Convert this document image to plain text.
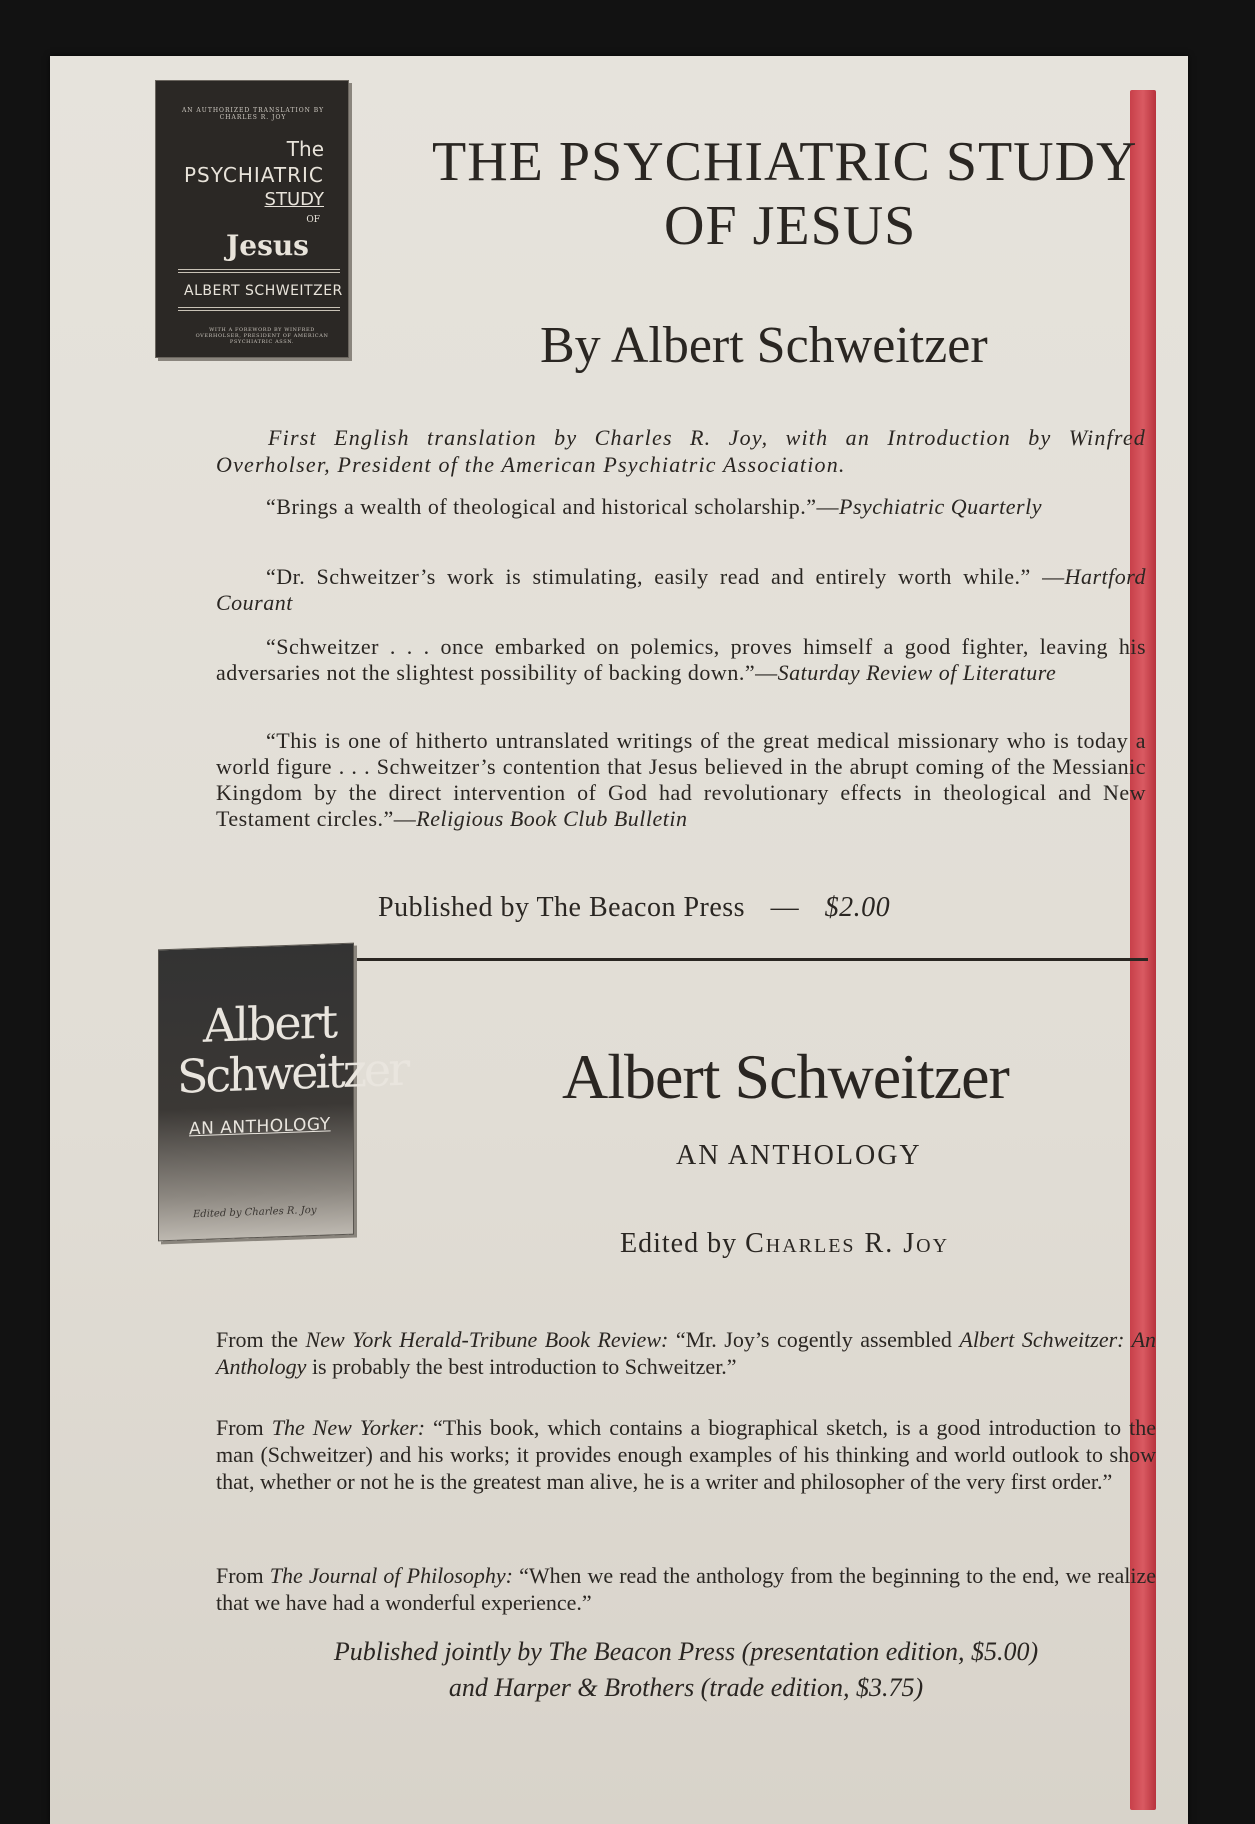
AN AUTHORIZED TRANSLATION BY CHARLES R. JOY
The
PSYCHIATRIC
STUDY
OF
Jesus
ALBERT SCHWEITZER
WITH A FOREWORD BY WINFRED OVERHOLSER, PRESIDENT OF AMERICAN PSYCHIATRIC ASSN.
THE PSYCHIATRIC STUDY
OF JESUS
By Albert Schweitzer
First English translation by Charles R. Joy, with an Introduction by Winfred Overholser, President of the American Psychiatric Association.
“Brings a wealth of theological and historical scholarship.”—Psychiatric Quarterly
“Dr. Schweitzer’s work is stimulating, easily read and entirely worth while.” —Hartford Courant
“Schweitzer . . . once embarked on polemics, proves himself a good fighter, leaving his adversaries not the slightest possibility of backing down.”—Saturday Review of Literature
“This is one of hitherto untranslated writings of the great medical missionary who is today a world figure . . . Schweitzer’s contention that Jesus believed in the abrupt coming of the Messianic Kingdom by the direct intervention of God had revolutionary effects in theological and New Testament circles.”—Religious Book Club Bulletin
Published by The Beacon Press — $2.00
Albert
Schweitzer
AN ANTHOLOGY
Edited by Charles R. Joy
Albert Schweitzer
AN ANTHOLOGY
Edited by Charles R. Joy
From the New York Herald-Tribune Book Review: “Mr. Joy’s cogently assembled Albert Schweitzer: An Anthology is probably the best introduction to Schweitzer.”
From The New Yorker: “This book, which contains a biographical sketch, is a good introduction to the man (Schweitzer) and his works; it provides enough examples of his thinking and world outlook to show that, whether or not he is the greatest man alive, he is a writer and philosopher of the very first order.”
From The Journal of Philosophy: “When we read the anthology from the beginning to the end, we realize that we have had a wonderful experience.”
Published jointly by The Beacon Press (presentation edition, $5.00)
and Harper & Brothers (trade edition, $3.75)
